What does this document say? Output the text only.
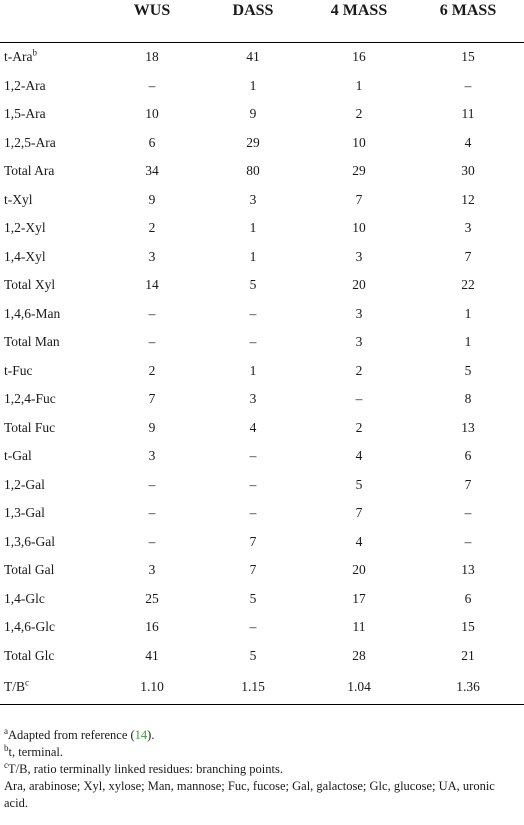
	WUS	DASS	4 MASS	6 MASS
t-Ara$^b$	18	41	16	15
1,2-Ara	–	1	1	–
1,5-Ara	10	9	2	11
1,2,5-Ara	6	29	10	4
Total Ara	34	80	29	30
t-Xyl	9	3	7	12
1,2-Xyl	2	1	10	3
1,4-Xyl	3	1	3	7
Total Xyl	14	5	20	22
1,4,6-Man	–	–	3	1
Total Man	–	–	3	1
t-Fuc	2	1	2	5
1,2,4-Fuc	7	3	–	8
Total Fuc	9	4	2	13
t-Gal	3	–	4	6
1,2-Gal	–	–	5	7
1,3-Gal	–	–	7	–
1,3,6-Gal	–	7	4	–
Total Gal	3	7	20	13
1,4-Glc	25	5	17	6
1,4,6-Glc	16	–	11	15
Total Glc	41	5	28	21
$T/B^c$	1.10	1.15	1.04	1.36

$^a$Adapted from reference (14).

$^b$t, terminal.

$^c$T/B, ratio terminally linked residues: branching points.

Ara, arabinose; Xyl, xylose; Man, mannose; Fuc, fucose; Gal, galactose; Glc, glucose; UA, uronic acid.
